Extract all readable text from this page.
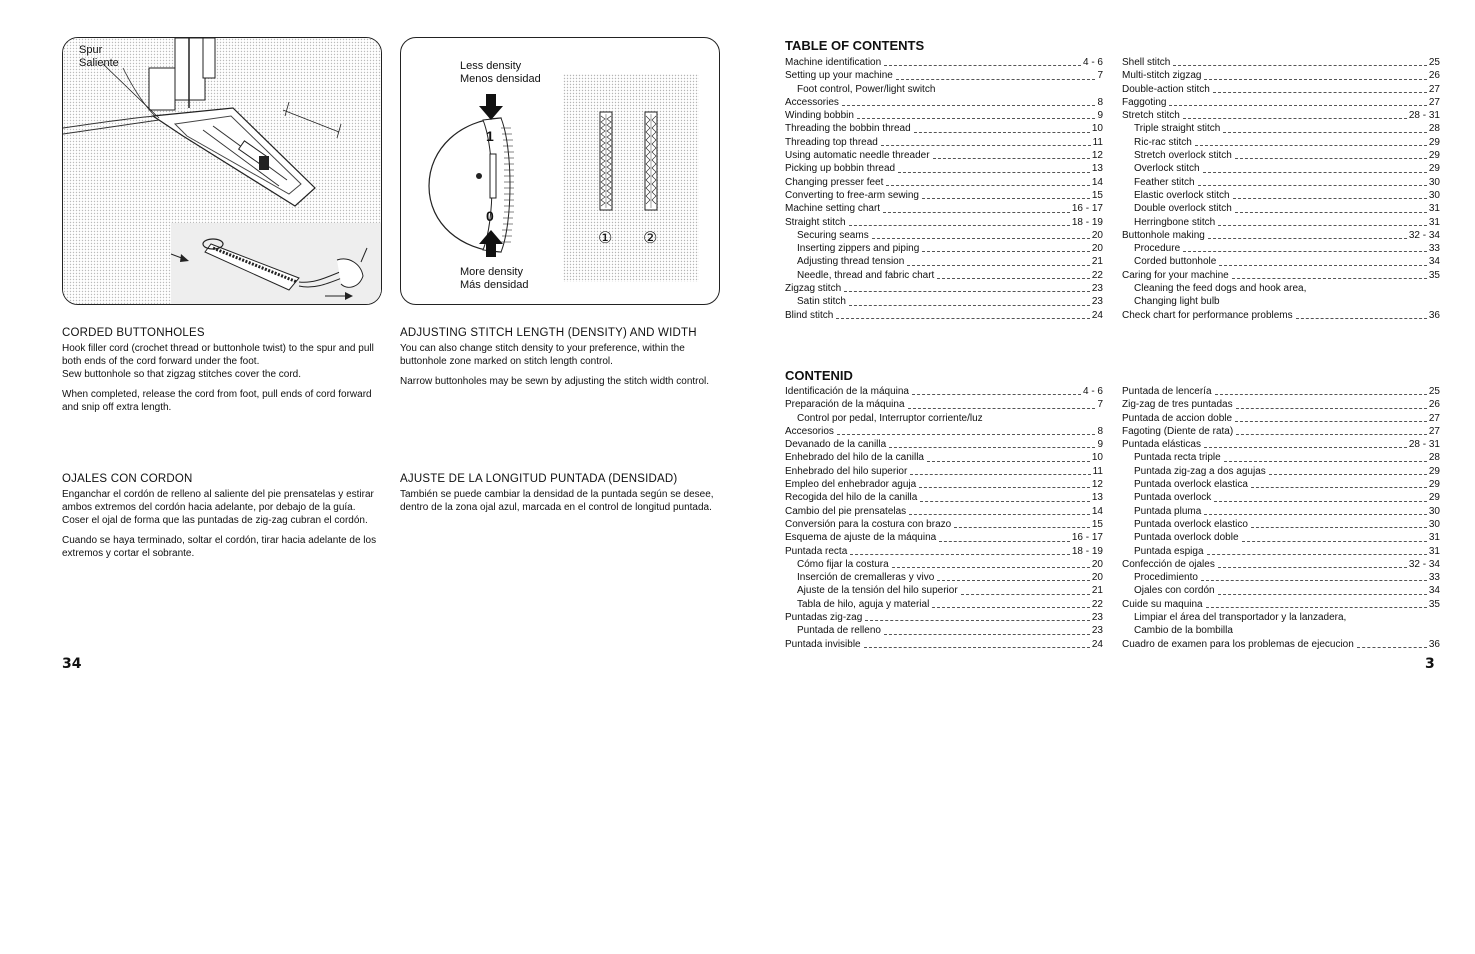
Spur
Saliente	Less density
Menos densidad
1
0
① ②
More density
Más densidad
CORDED BUTTONHOLES

Hook filler cord (crochet thread or buttonhole twist) to the spur and pull both ends of the cord forward under the foot.

Sew buttonhole so that zigzag stitches cover the cord.

When completed, release the cord from foot, pull ends of cord forward and snip off extra length.

ADJUSTING STITCH LENGTH (DENSITY) AND WIDTH

You can also change stitch density to your preference, within the buttonhole zone marked on stitch length control.

Narrow buttonholes may be sewn by adjusting the stitch width control.

OJALES CON CORDON

Enganchar el cordón de relleno al saliente del pie prensatelas y estirar ambos extremos del cordón hacia adelante, por debajo de la guía. Coser el ojal de forma que las puntadas de zig-zag cubran el cordón.

Cuando se haya terminado, soltar el cordón, tirar hacia adelante de los extremos y cortar el sobrante.

AJUSTE DE LA LONGITUD PUNTADA (DENSIDAD)

También se puede cambiar la densidad de la puntada según se desee, dentro de la zona ojal azul, marcada en el control de longitud puntada.

34
TABLE OF CONTENTS
Machine identification	4 - 6
Setting up your machine	7
Foot control, Power/light switch
Accessories	8
Winding bobbin	9
Threading the bobbin thread	10
Threading top thread	11
Using automatic needle threader	12
Picking up bobbin thread	13
Changing presser feet	14
Converting to free-arm sewing	15
Machine setting chart	16 - 17
Straight stitch	18 - 19
Securing seams	20
Inserting zippers and piping	20
Adjusting thread tension	21
Needle, thread and fabric chart	22
Zigzag stitch	23
Satin stitch	23
Blind stitch	24
Shell stitch	25
Multi-stitch zigzag	26
Double-action stitch	27
Faggoting	27
Stretch stitch	28 - 31
Triple straight stitch	28
Ric-rac stitch	29
Stretch overlock stitch	29
Overlock stitch	29
Feather stitch	30
Elastic overlock stitch	30
Double overlock stitch	31
Herringbone stitch	31
Buttonhole making	32 - 34
Procedure	33
Corded buttonhole	34
Caring for your machine	35
Cleaning the feed dogs and hook area,
Changing light bulb
Check chart for performance problems	36
CONTENID
Identificación de la máquina	4 - 6
Preparación de la máquina	7
Control por pedal, Interruptor corriente/luz
Accesorios	8
Devanado de la canilla	9
Enhebrado del hilo de la canilla	10
Enhebrado del hilo superior	11
Empleo del enhebrador aguja	12
Recogida del hilo de la canilla	13
Cambio del pie prensatelas	14
Conversión para la costura con brazo	15
Esquema de ajuste de la máquina	16 - 17
Puntada recta	18 - 19
Cómo fijar la costura	20
Inserción de cremalleras y vivo	20
Ajuste de la tensión del hilo superior	21
Tabla de hilo, aguja y material	22
Puntadas zig-zag	23
Puntada de relleno	23
Puntada invisible	24
Puntada de lencería	25
Zig-zag de tres puntadas	26
Puntada de accion doble	27
Fagoting (Diente de rata)	27
Puntada elásticas	28 - 31
Puntada recta triple	28
Puntada zig-zag a dos agujas	29
Puntada overlock elastica	29
Puntada overlock	29
Puntada pluma	30
Puntada overlock elastico	30
Puntada overlock doble	31
Puntada espiga	31
Confección de ojales	32 - 34
Procedimiento	33
Ojales con cordón	34
Cuide su maquina	35
Limpiar el área del transportador y la lanzadera,
Cambio de la bombilla
Cuadro de examen para los problemas de ejecucion	36
3
